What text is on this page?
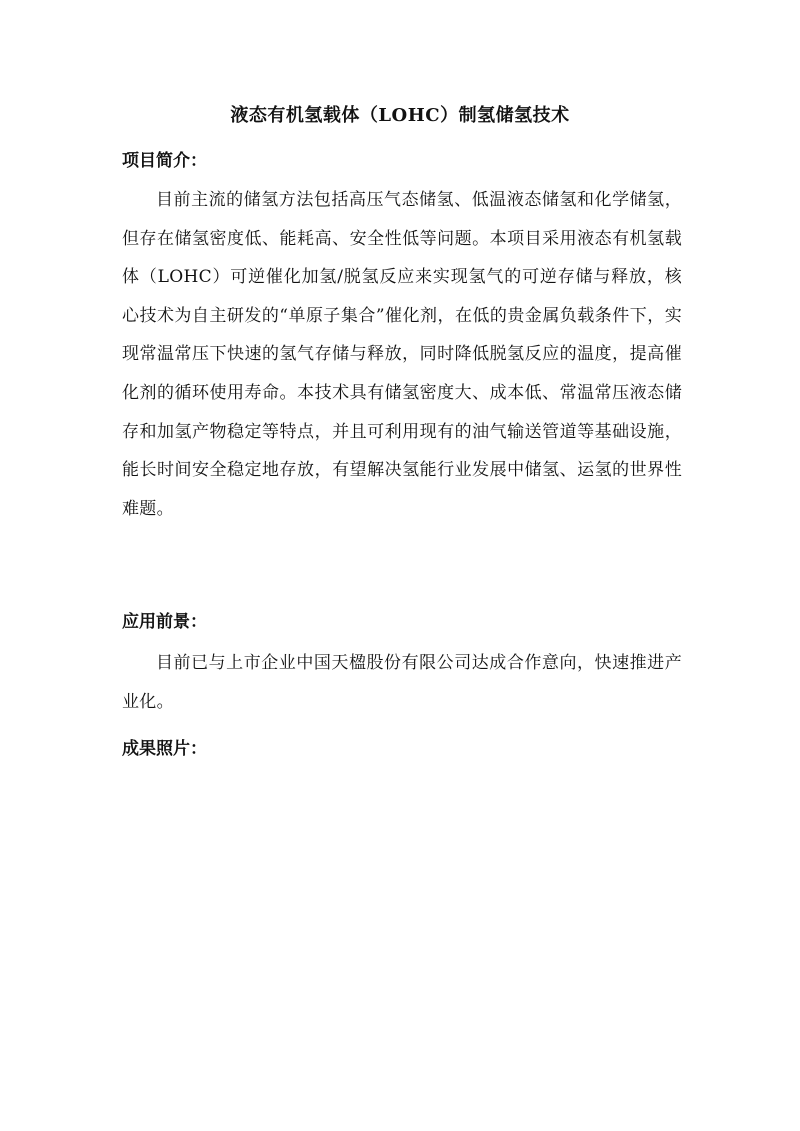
液态有机氢载体（LOHC）制氢储氢技术
项目简介：

目前主流的储氢方法包括高压气态储氢、低温液态储氢和化学储氢，但存在储氢密度低、能耗高、安全性低等问题。本项目采用液态有机氢载体（LOHC）可逆催化加氢/脱氢反应来实现氢气的可逆存储与释放，核心技术为自主研发的“单原子集合”催化剂，在低的贵金属负载条件下，实现常温常压下快速的氢气存储与释放，同时降低脱氢反应的温度，提高催化剂的循环使用寿命。本技术具有储氢密度大、成本低、常温常压液态储存和加氢产物稳定等特点，并且可利用现有的油气输送管道等基础设施，能长时间安全稳定地存放，有望解决氢能行业发展中储氢、运氢的世界性难题。

应用前景：

目前已与上市企业中国天楹股份有限公司达成合作意向，快速推进产业化。

成果照片：
